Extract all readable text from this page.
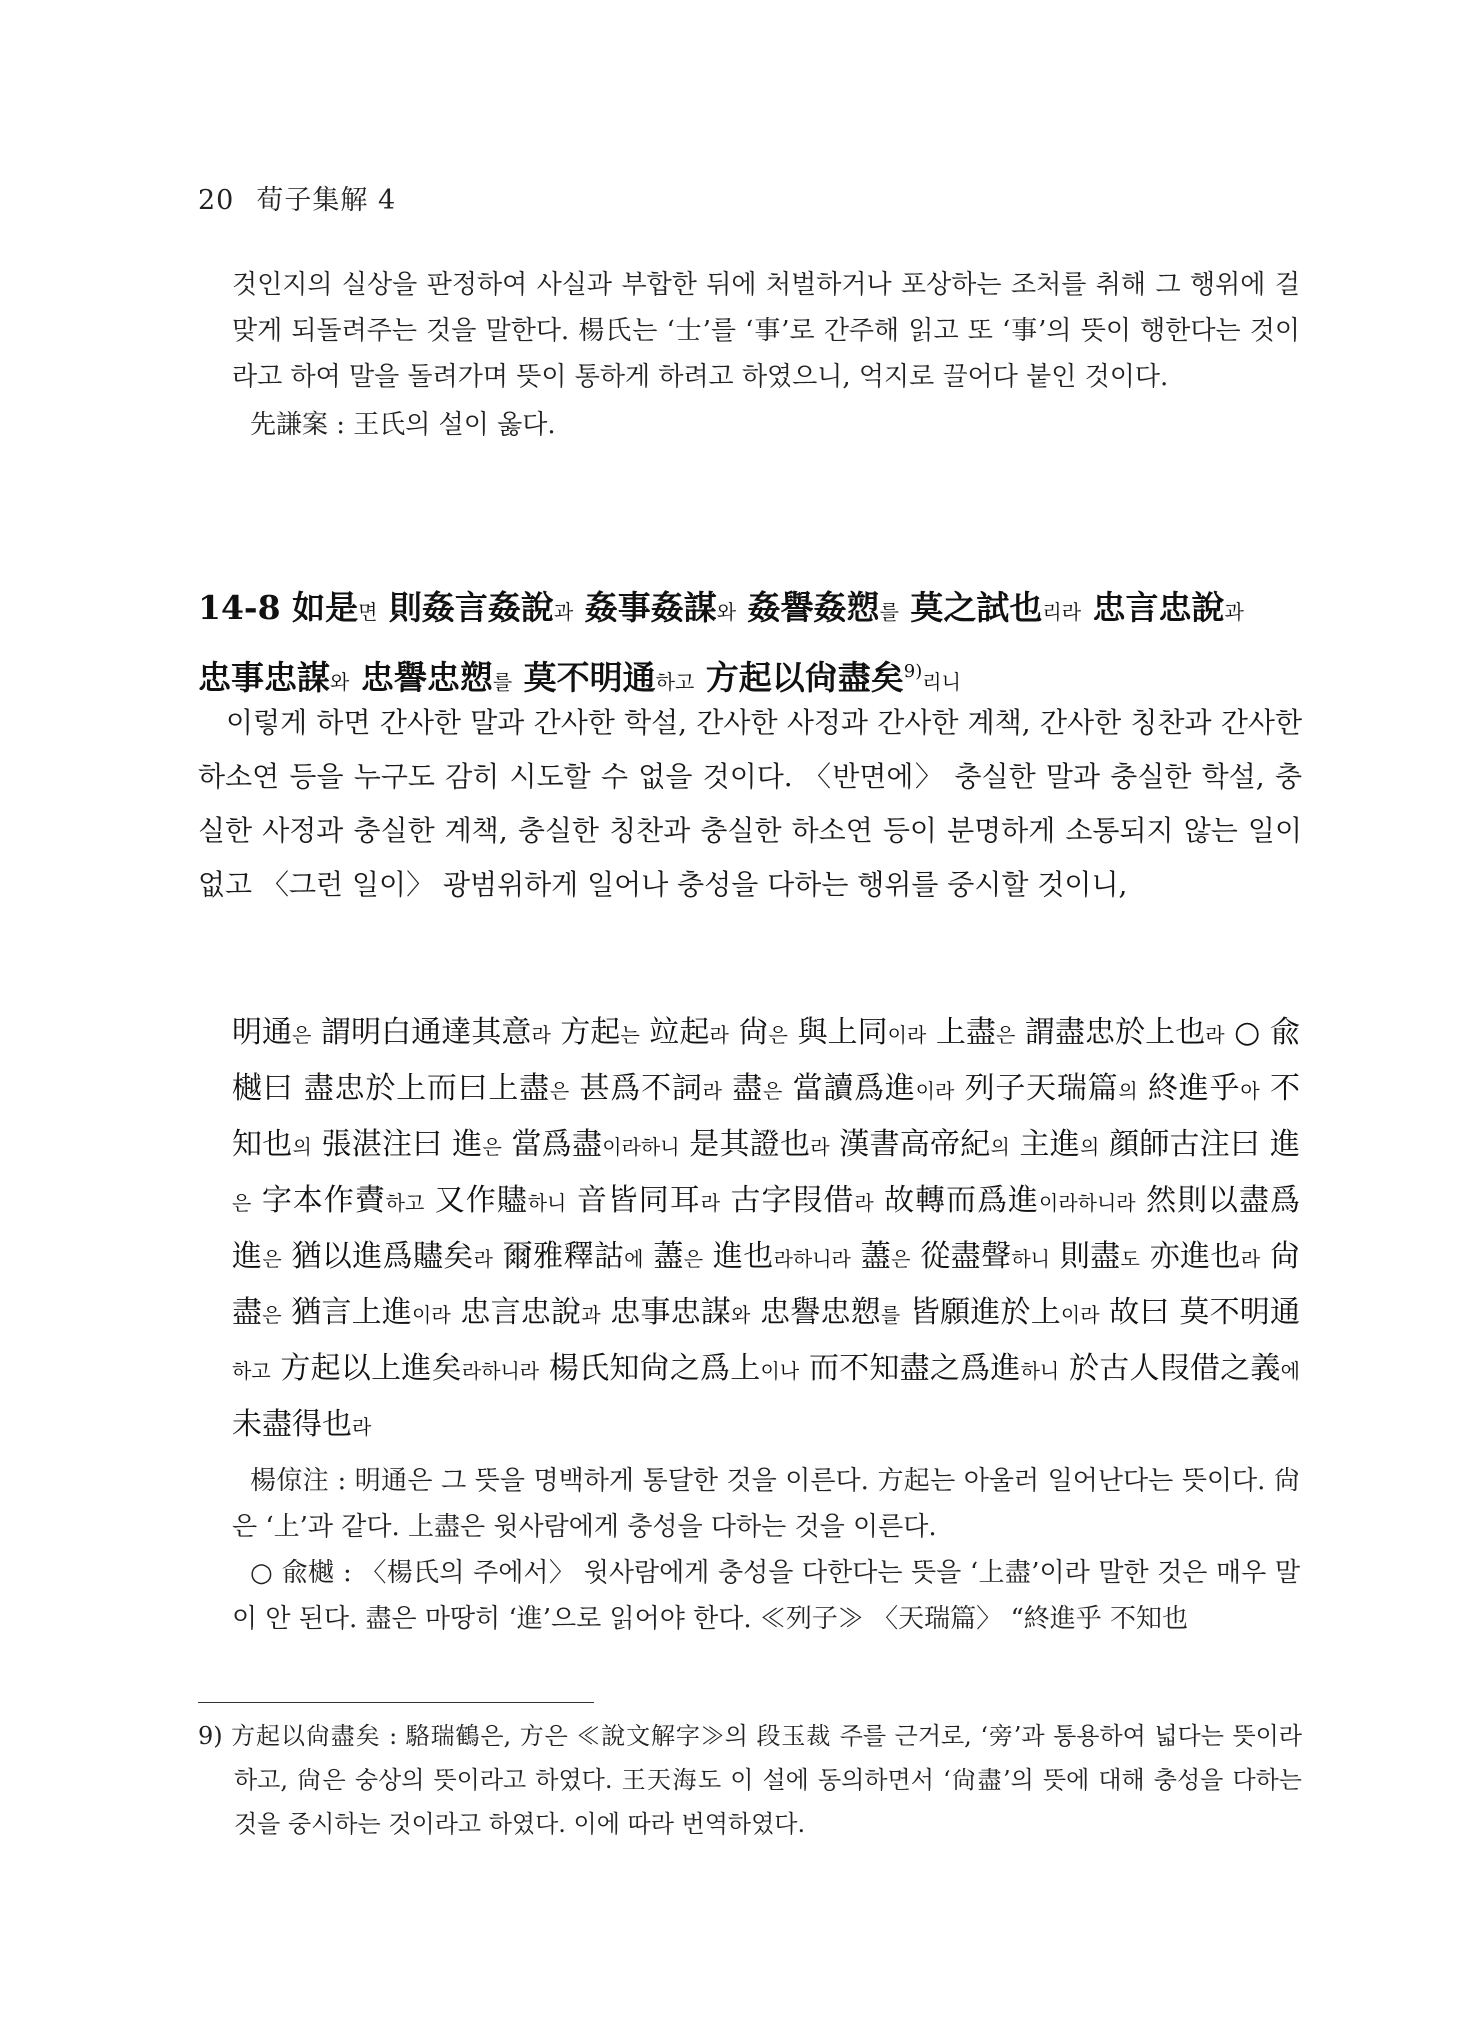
20 荀子集解 4
것인지의 실상을 판정하여 사실과 부합한 뒤에 처벌하거나 포상하는 조처를 취해 그 행위에 걸맞게 되돌려주는 것을 말한다. 楊氏는 ‘士’를 ‘事’로 간주해 읽고 또 ‘事’의 뜻이 행한다는 것이라고 하여 말을 돌려가며 뜻이 통하게 하려고 하였으니, 억지로 끌어다 붙인 것이다.
先謙案 : 王氏의 설이 옳다.
14-8 如是면 則姦言姦說과 姦事姦謀와 姦譽姦愬를 莫之試也리라 忠言忠說과
忠事忠謀와 忠譽忠愬를 莫不明通하고 方起以尙盡矣$^{9)}$리니
이렇게 하면 간사한 말과 간사한 학설, 간사한 사정과 간사한 계책, 간사한 칭찬과 간사한 하소연 등을 누구도 감히 시도할 수 없을 것이다. 〈반면에〉 충실한 말과 충실한 학설, 충실한 사정과 충실한 계책, 충실한 칭찬과 충실한 하소연 등이 분명하게 소통되지 않는 일이 없고 〈그런 일이〉 광범위하게 일어나 충성을 다하는 행위를 중시할 것이니,
明通은 謂明白通達其意라 方起는 竝起라 尙은 與上同이라 上盡은 謂盡忠於上也라 ○ 兪樾曰 盡忠於上而曰上盡은 甚爲不詞라 盡은 當讀爲進이라 列子天瑞篇의 終進乎아 不知也의 張湛注曰 進은 當爲盡이라하니 是其證也라 漢書高帝紀의 主進의 顔師古注曰 進은 字本作賮하고 又作贐하니 音皆同耳라 古字叚借라 故轉而爲進이라하니라 然則以盡爲進은 猶以進爲贐矣라 爾雅釋詁에 藎은 進也라하니라 藎은 從盡聲하니 則盡도 亦進也라 尙盡은 猶言上進이라 忠言忠說과 忠事忠謀와 忠譽忠愬를 皆願進於上이라 故曰 莫不明通하고 方起以上進矣라하니라 楊氏知尙之爲上이나 而不知盡之爲進하니 於古人叚借之義에 未盡得也라
楊倞注 : 明通은 그 뜻을 명백하게 통달한 것을 이른다. 方起는 아울러 일어난다는 뜻이다. 尙은 ‘上’과 같다. 上盡은 윗사람에게 충성을 다하는 것을 이른다.
○ 兪樾 : 〈楊氏의 주에서〉 윗사람에게 충성을 다한다는 뜻을 ‘上盡’이라 말한 것은 매우 말이 안 된다. 盡은 마땅히 ‘進’으로 읽어야 한다. ≪列子≫ 〈天瑞篇〉 “終進乎 不知也
9) 方起以尙盡矣 : 駱瑞鶴은, 方은 ≪說文解字≫의 段玉裁 주를 근거로, ‘旁’과 통용하여 넓다는 뜻이라 하고, 尙은 숭상의 뜻이라고 하였다. 王天海도 이 설에 동의하면서 ‘尙盡’의 뜻에 대해 충성을 다하는 것을 중시하는 것이라고 하였다. 이에 따라 번역하였다.
